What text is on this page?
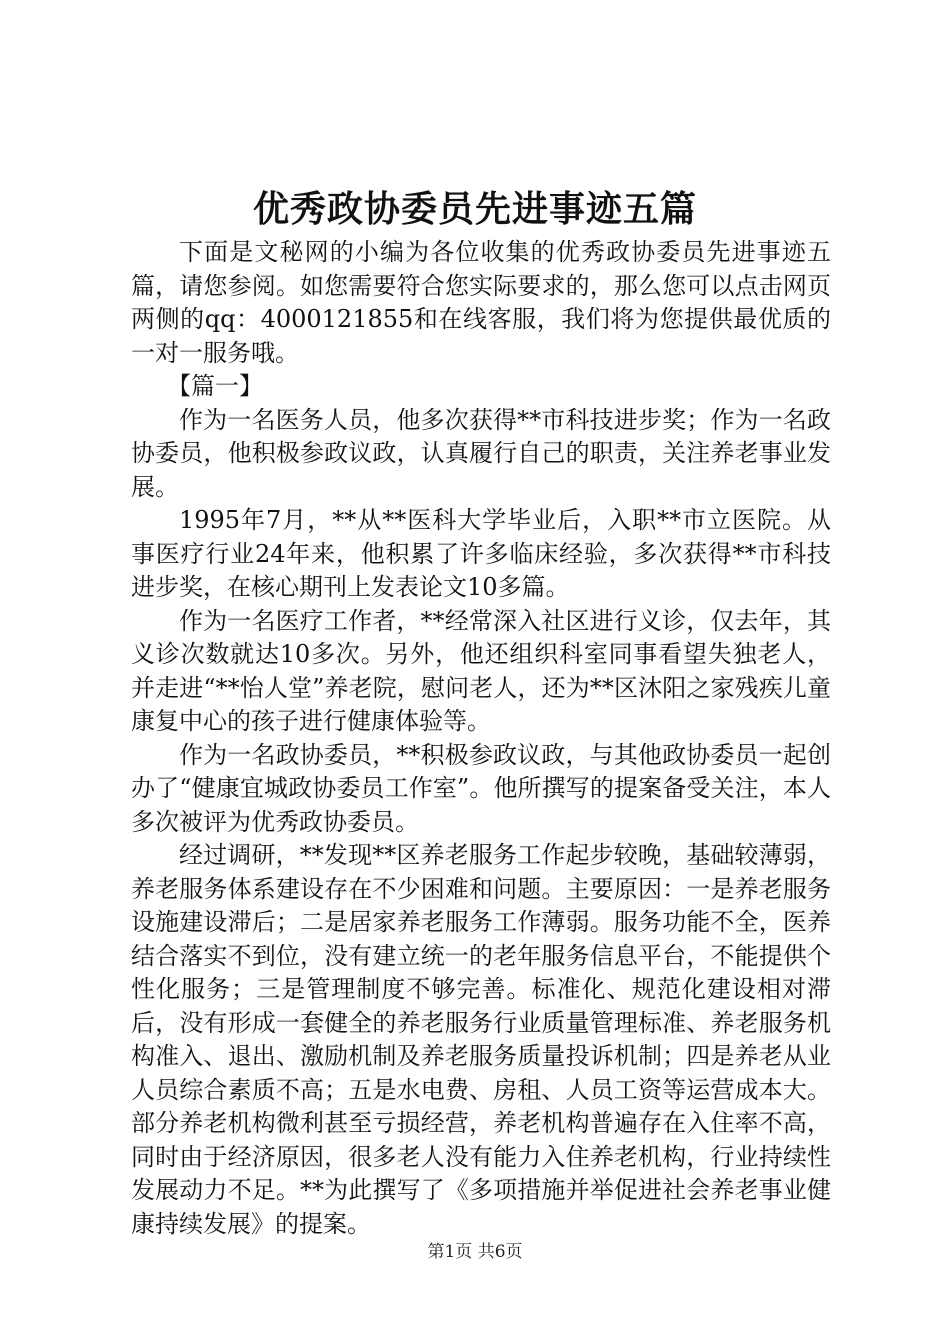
优秀政协委员先进事迹五篇

下面是文秘网的小编为各位收集的优秀政协委员先进事迹五篇，请您参阅。如您需要符合您实际要求的，那么您可以点击网页两侧的qq：4000121855和在线客服，我们将为您提供最优质的一对一服务哦。

【篇一】

作为一名医务人员，他多次获得**市科技进步奖；作为一名政协委员，他积极参政议政，认真履行自己的职责，关注养老事业发展。

1995年7月，**从**医科大学毕业后，入职**市立医院。从事医疗行业24年来，他积累了许多临床经验，多次获得**市科技进步奖，在核心期刊上发表论文10多篇。

作为一名医疗工作者，**经常深入社区进行义诊，仅去年，其义诊次数就达10多次。另外，他还组织科室同事看望失独老人，并走进“**怡人堂”养老院，慰问老人，还为**区沐阳之家残疾儿童康复中心的孩子进行健康体验等。

作为一名政协委员，**积极参政议政，与其他政协委员一起创办了“健康宜城政协委员工作室”。他所撰写的提案备受关注，本人多次被评为优秀政协委员。

经过调研，**发现**区养老服务工作起步较晚，基础较薄弱，养老服务体系建设存在不少困难和问题。主要原因：一是养老服务设施建设滞后；二是居家养老服务工作薄弱。服务功能不全，医养结合落实不到位，没有建立统一的老年服务信息平台，不能提供个性化服务；三是管理制度不够完善。标准化、规范化建设相对滞后，没有形成一套健全的养老服务行业质量管理标准、养老服务机构准入、退出、激励机制及养老服务质量投诉机制；四是养老从业人员综合素质不高；五是水电费、房租、人员工资等运营成本大。部分养老机构微利甚至亏损经营，养老机构普遍存在入住率不高，同时由于经济原因，很多老人没有能力入住养老机构，行业持续性发展动力不足。**为此撰写了《多项措施并举促进社会养老事业健康持续发展》的提案。

第1页 共6页
